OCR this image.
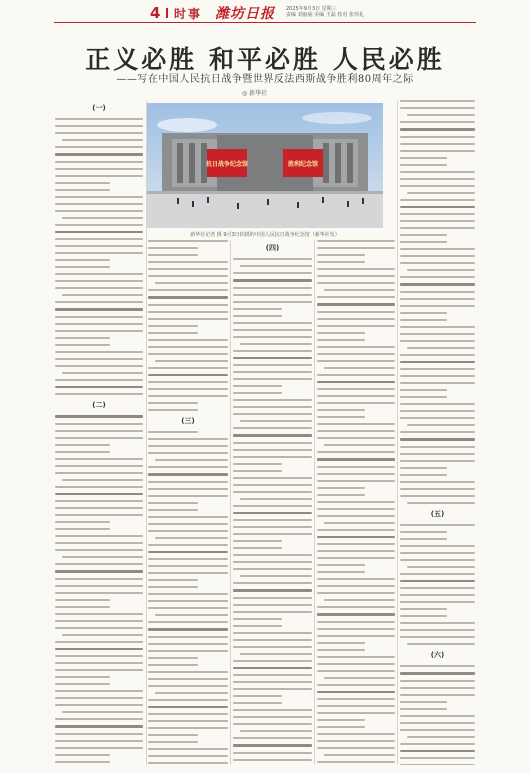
4 时事 潍坊日报 2025年9月3日 星期三
责编 刘丽丽 美编 王磊 校对 张伟礼
正义必胜 和平必胜 人民必胜
——写在中国人民抗日战争暨世界反法西斯战争胜利80周年之际
◎ 新华社
(一)
(二)
抗日战争纪念馆	胜利纪念馆
新华社记者 摄 9月3日拍摄的中国人民抗日战争纪念馆（新华社发）
(三)
(四)
(五)
(六)
